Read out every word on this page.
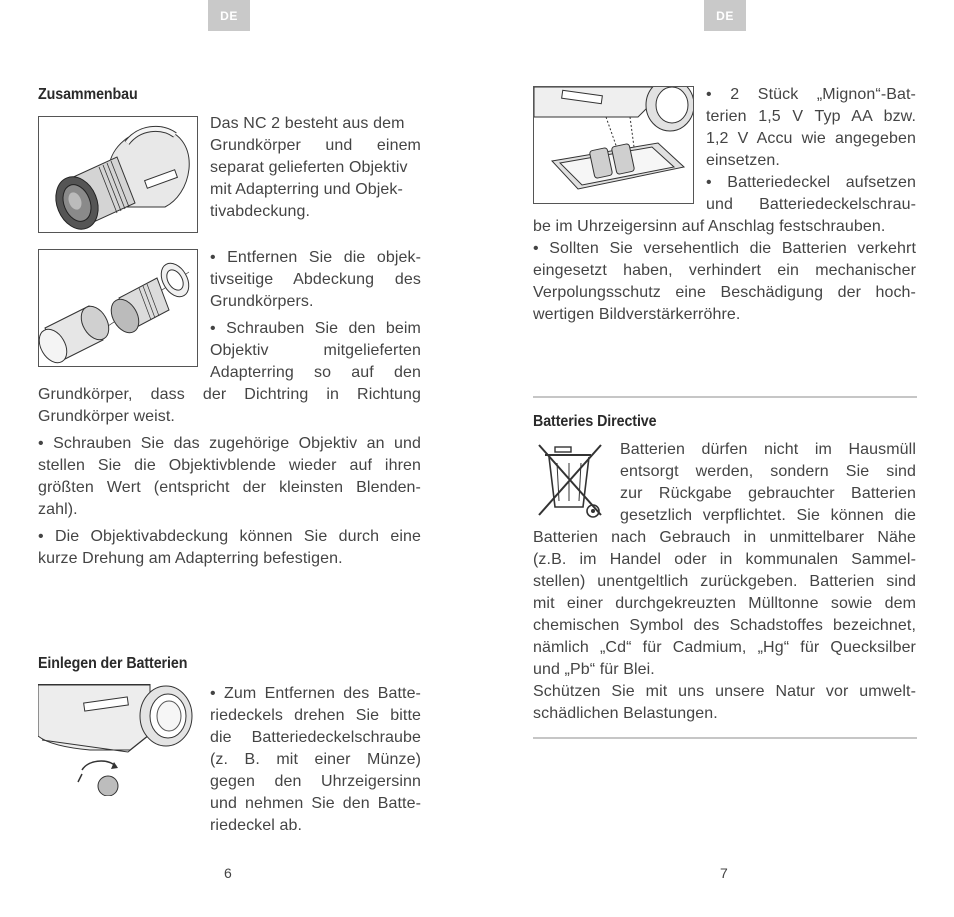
DE
Zusammenbau

Das NC 2 besteht aus dem

Grundkörper und einem

separat gelieferten Objektiv

mit Adapterring und Objek-

tivabdeckung.

• Entfernen Sie die objek-

tivseitige Abdeckung des

Grundkörpers.

• Schrauben Sie den beim

Objektiv mitgelieferten

Adapterring so auf den

Grundkörper, dass der Dichtring in Richtung

Grundkörper weist.

• Schrauben Sie das zugehörige Objektiv an und

stellen Sie die Objektivblende wieder auf ihren

größten Wert (entspricht der kleinsten Blenden-

zahl).

• Die Objektivabdeckung können Sie durch eine

kurze Drehung am Adapterring befestigen.

Einlegen der Batterien

• Zum Entfernen des Batte-

riedeckels drehen Sie bitte

die Batteriedeckelschraube

(z. B. mit einer Münze)

gegen den Uhrzeigersinn

und nehmen Sie den Batte-

riedeckel ab.

6
DE

• 2 Stück „Mignon“-Bat-

terien 1,5 V Typ AA bzw.

1,2 V Accu wie angegeben

einsetzen.

• Batteriedeckel aufsetzen

und Batteriedeckelschrau-

be im Uhrzeigersinn auf Anschlag festschrauben.

• Sollten Sie versehentlich die Batterien verkehrt

eingesetzt haben, verhindert ein mechanischer

Verpolungsschutz eine Beschädigung der hoch-

wertigen Bildverstärkerröhre.

Batteries Directive

Batterien dürfen nicht im Hausmüll

entsorgt werden, sondern Sie sind

zur Rückgabe gebrauchter Batterien

gesetzlich verpflichtet. Sie können die

Batterien nach Gebrauch in unmittelbarer Nähe

(z.B. im Handel oder in kommunalen Sammel-

stellen) unentgeltlich zurückgeben. Batterien sind

mit einer durchgekreuzten Mülltonne sowie dem

chemischen Symbol des Schadstoffes bezeichnet,

nämlich „Cd“ für Cadmium, „Hg“ für Quecksilber

und „Pb“ für Blei.

Schützen Sie mit uns unsere Natur vor umwelt-

schädlichen Belastungen.

7
